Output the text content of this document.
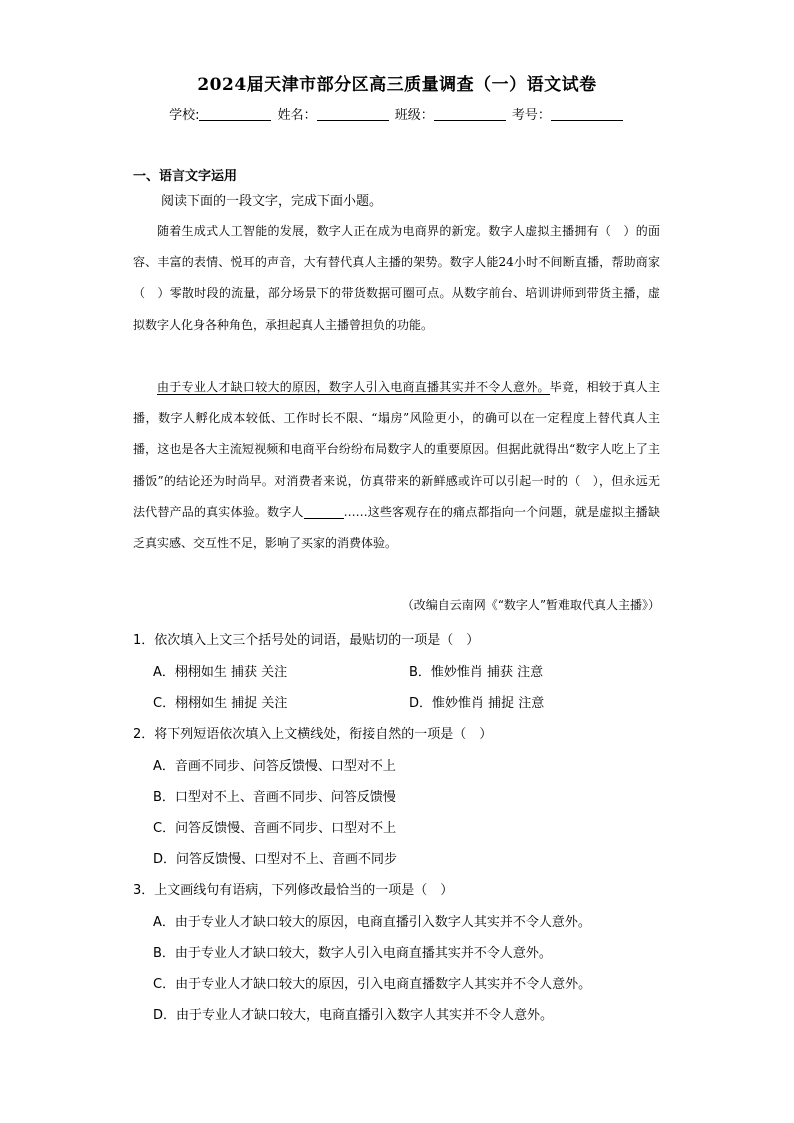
2024届天津市部分区高三质量调查（一）语文试卷
学校:	姓名：	班级：	考号：
一、语言文字运用
阅读下面的一段文字，完成下面小题。
随着生成式人工智能的发展，数字人正在成为电商界的新宠。数字人虚拟主播拥有（　）的面容、丰富的表情、悦耳的声音，大有替代真人主播的架势。数字人能24小时不间断直播，帮助商家（　）零散时段的流量，部分场景下的带货数据可圈可点。从数字前台、培训讲师到带货主播，虚拟数字人化身各种角色，承担起真人主播曾担负的功能。
由于专业人才缺口较大的原因，数字人引入电商直播其实并不令人意外。毕竟，相较于真人主播，数字人孵化成本较低、工作时长不限、“塌房”风险更小，的确可以在一定程度上替代真人主播，这也是各大主流短视频和电商平台纷纷布局数字人的重要原因。但据此就得出“数字人吃上了主播饭”的结论还为时尚早。对消费者来说，仿真带来的新鲜感或许可以引起一时的（　），但永远无法代替产品的真实体验。数字人	……这些客观存在的痛点都指向一个问题，就是虚拟主播缺乏真实感、交互性不足，影响了买家的消费体验。
（改编自云南网《“数字人”暂难取代真人主播》）
1．依次填入上文三个括号处的词语，最贴切的一项是（　）
A．栩栩如生 捕获 关注	B．惟妙惟肖 捕获 注意
C．栩栩如生 捕捉 关注	D．惟妙惟肖 捕捉 注意
2．将下列短语依次填入上文横线处，衔接自然的一项是（　）
A．音画不同步、问答反馈慢、口型对不上
B．口型对不上、音画不同步、问答反馈慢
C．问答反馈慢、音画不同步、口型对不上
D．问答反馈慢、口型对不上、音画不同步
3．上文画线句有语病，下列修改最恰当的一项是（　）
A．由于专业人才缺口较大的原因，电商直播引入数字人其实并不令人意外。
B．由于专业人才缺口较大，数字人引入电商直播其实并不令人意外。
C．由于专业人才缺口较大的原因，引入电商直播数字人其实并不令人意外。
D．由于专业人才缺口较大，电商直播引入数字人其实并不令人意外。
